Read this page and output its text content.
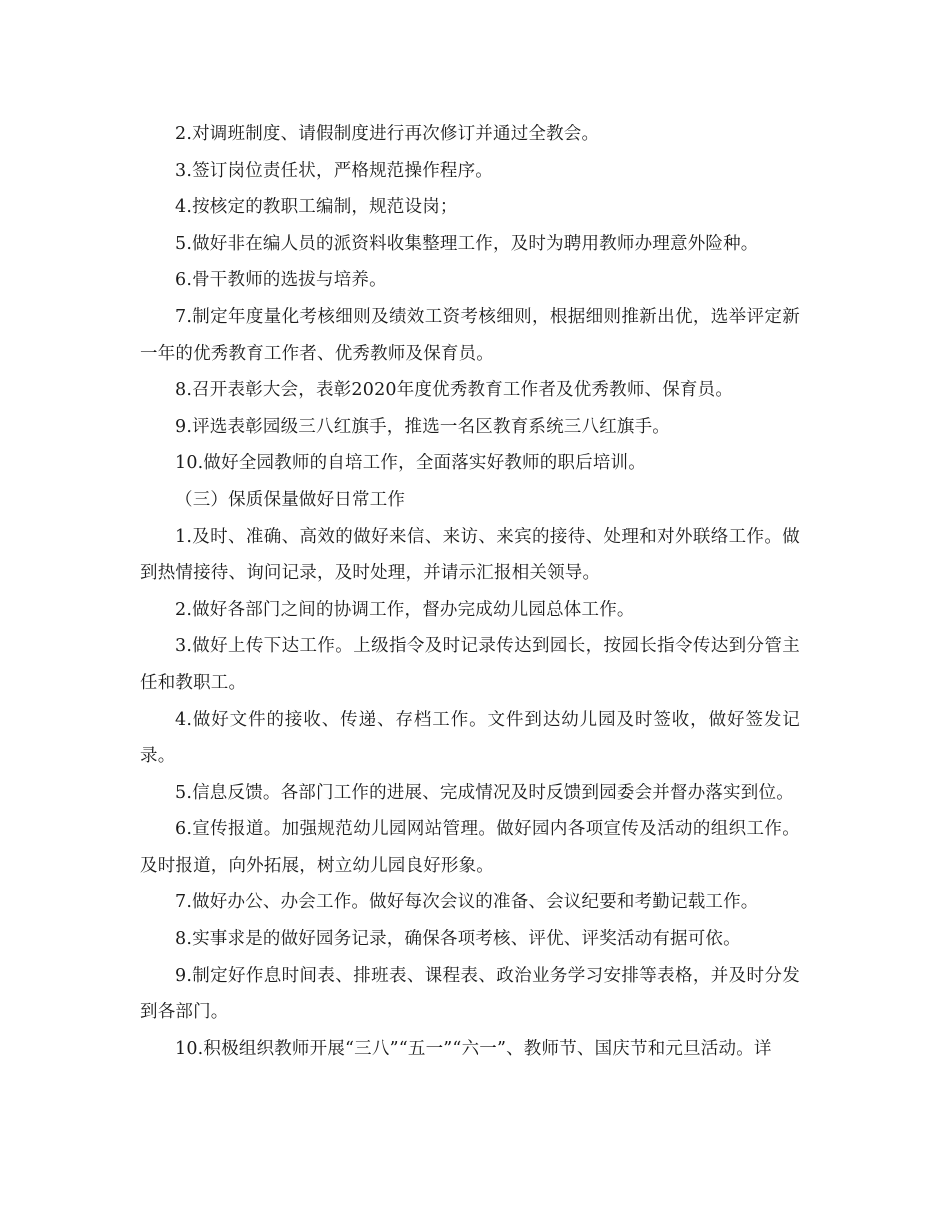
2.对调班制度、请假制度进行再次修订并通过全教会。

3.签订岗位责任状，严格规范操作程序。

4.按核定的教职工编制，规范设岗；

5.做好非在编人员的派资料收集整理工作，及时为聘用教师办理意外险种。

6.骨干教师的选拔与培养。

7.制定年度量化考核细则及绩效工资考核细则，根据细则推新出优，选举评定新一年的优秀教育工作者、优秀教师及保育员。

8.召开表彰大会，表彰2020年度优秀教育工作者及优秀教师、保育员。

9.评选表彰园级三八红旗手，推选一名区教育系统三八红旗手。

10.做好全园教师的自培工作，全面落实好教师的职后培训。

（三）保质保量做好日常工作

1.及时、准确、高效的做好来信、来访、来宾的接待、处理和对外联络工作。做到热情接待、询问记录，及时处理，并请示汇报相关领导。

2.做好各部门之间的协调工作，督办完成幼儿园总体工作。

3.做好上传下达工作。上级指令及时记录传达到园长，按园长指令传达到分管主任和教职工。

4.做好文件的接收、传递、存档工作。文件到达幼儿园及时签收，做好签发记录。

5.信息反馈。各部门工作的进展、完成情况及时反馈到园委会并督办落实到位。

6.宣传报道。加强规范幼儿园网站管理。做好园内各项宣传及活动的组织工作。及时报道，向外拓展，树立幼儿园良好形象。

7.做好办公、办会工作。做好每次会议的准备、会议纪要和考勤记载工作。

8.实事求是的做好园务记录，确保各项考核、评优、评奖活动有据可依。

9.制定好作息时间表、排班表、课程表、政治业务学习安排等表格，并及时分发到各部门。

10.积极组织教师开展“三八”“五一”“六一”、教师节、国庆节和元旦活动。详
